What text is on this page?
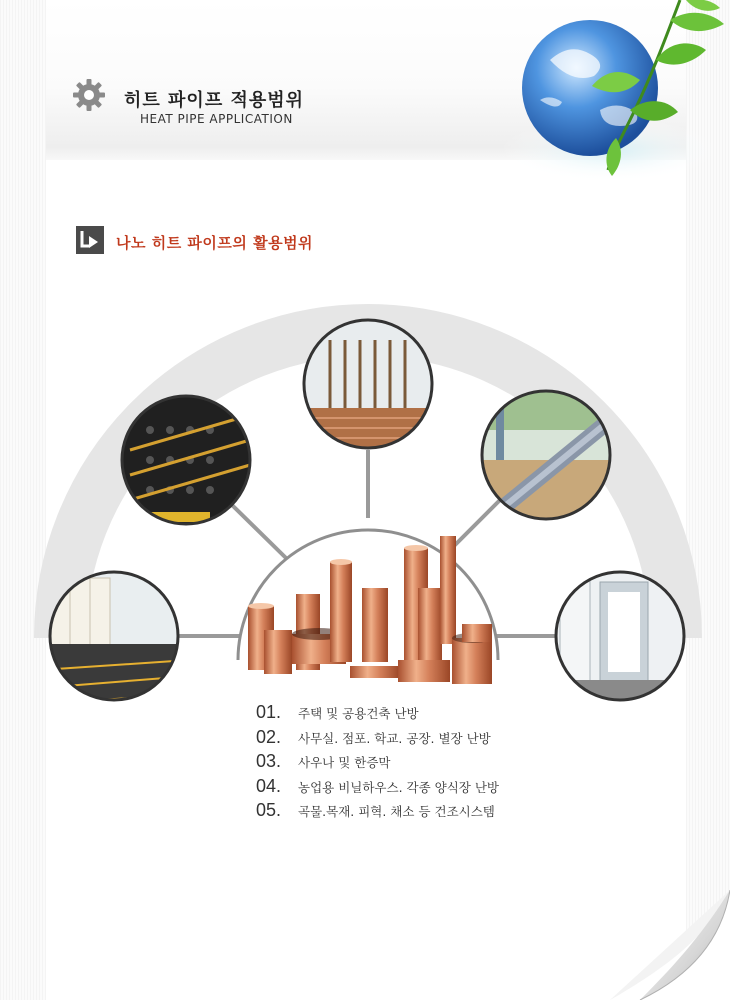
히트 파이프 적용범위
HEAT PIPE APPLICATION
나노 히트 파이프의 활용범위
01.	주택 및 공용건축 난방
02.	사무실. 점포. 학교. 공장. 별장 난방
03.	사우나 및 한증막
04.	농업용 비닐하우스. 각종 양식장 난방
05.	곡물.목재. 피혁. 채소 등 건조시스템
